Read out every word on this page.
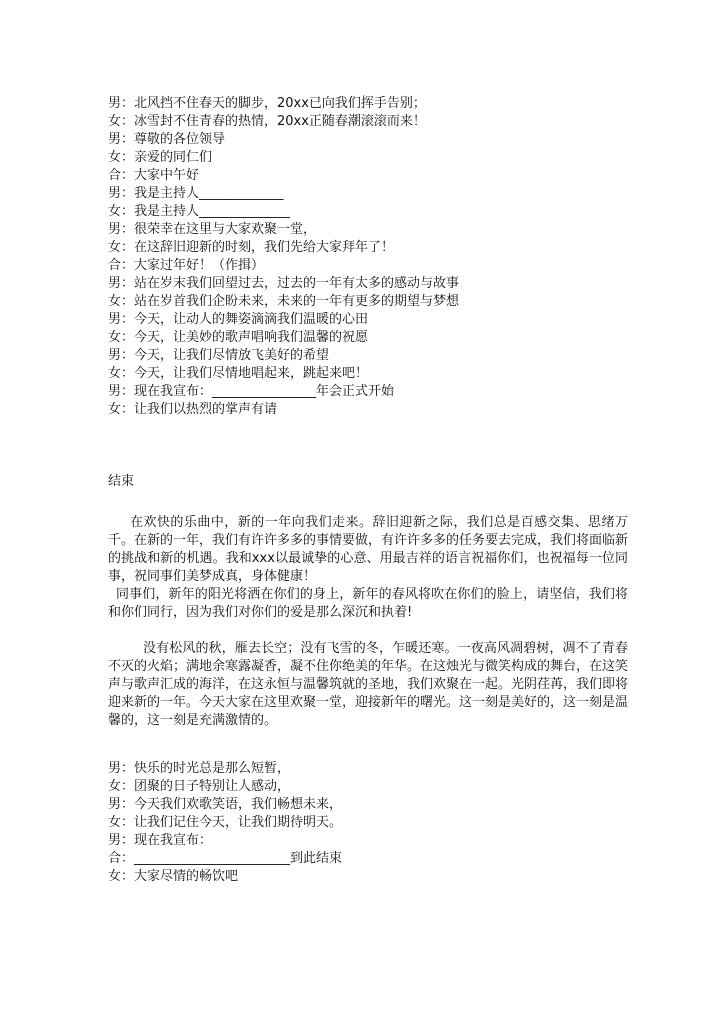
男：北风挡不住春天的脚步，20xx已向我们挥手告别；
女：冰雪封不住青春的热情，20xx正随春潮滚滚而来！
男：尊敬的各位领导
女：亲爱的同仁们
合：大家中午好
男：我是主持人_____________
女：我是主持人______________
男：很荣幸在这里与大家欢聚一堂，
女：在这辞旧迎新的时刻，我们先给大家拜年了！
合：大家过年好！（作揖）
男：站在岁末我们回望过去，过去的一年有太多的感动与故事
女：站在岁首我们企盼未来，未来的一年有更多的期望与梦想
男：今天，让动人的舞姿滴滴我们温暖的心田
女：今天，让美妙的歌声唱响我们温馨的祝愿
男：今天，让我们尽情放飞美好的希望
女：今天，让我们尽情地唱起来，跳起来吧！
男：现在我宣布：________________年会正式开始
女：让我们以热烈的掌声有请
结束

在欢快的乐曲中，新的一年向我们走来。辞旧迎新之际，我们总是百感交集、思绪万千。在新的一年，我们有许许多多的事情要做，有许许多多的任务要去完成，我们将面临新的挑战和新的机遇。我和xxx以最诚挚的心意、用最吉祥的语言祝福你们，也祝福每一位同事，祝同事们美梦成真，身体健康！

同事们，新年的阳光将洒在你们的身上，新年的春风将吹在你们的脸上，请坚信，我们将和你们同行，因为我们对你们的爱是那么深沉和执着!

没有松风的秋，雁去长空；没有飞雪的冬，乍暖还寒。一夜高风凋碧树，凋不了青春不灭的火焰；满地余寒露凝香，凝不住你绝美的年华。在这烛光与微笑构成的舞台，在这笑声与歌声汇成的海洋，在这永恒与温馨筑就的圣地，我们欢聚在一起。光阴荏苒，我们即将迎来新的一年。今天大家在这里欢聚一堂，迎接新年的曙光。这一刻是美好的，这一刻是温馨的，这一刻是充满激情的。

男：快乐的时光总是那么短暂，
女：团聚的日子特别让人感动，
男：今天我们欢歌笑语，我们畅想未来，
女：让我们记住今天，让我们期待明天。
男：现在我宣布：
合：________________________到此结束
女：大家尽情的畅饮吧
